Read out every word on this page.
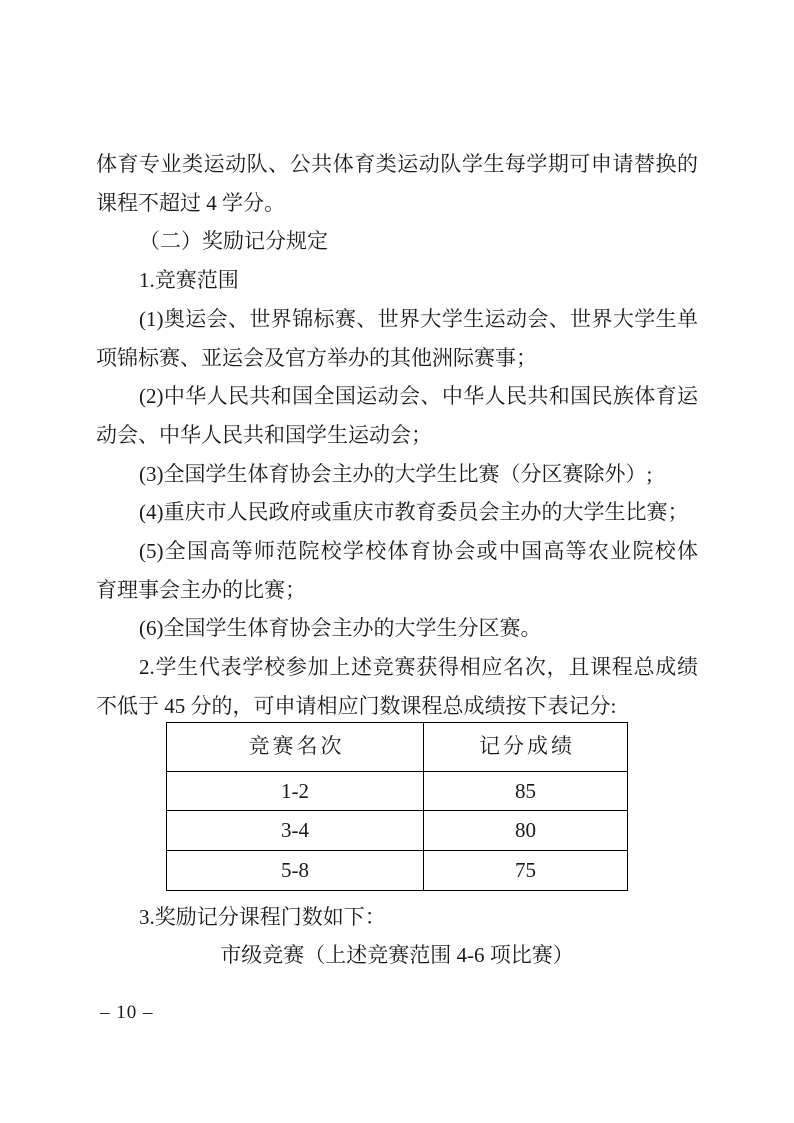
体育专业类运动队、公共体育类运动队学生每学期可申请替换的
课程不超过 4 学分。
（二）奖励记分规定
1.竞赛范围
(1)奥运会、世界锦标赛、世界大学生运动会、世界大学生单
项锦标赛、亚运会及官方举办的其他洲际赛事；
(2)中华人民共和国全国运动会、中华人民共和国民族体育运
动会、中华人民共和国学生运动会；
(3)全国学生体育协会主办的大学生比赛（分区赛除外）;
(4)重庆市人民政府或重庆市教育委员会主办的大学生比赛；
(5)全国高等师范院校学校体育协会或中国高等农业院校体
育理事会主办的比赛；
(6)全国学生体育协会主办的大学生分区赛。
2.学生代表学校参加上述竞赛获得相应名次，且课程总成绩
不低于 45 分的，可申请相应门数课程总成绩按下表记分:
竞赛名次	记分成绩
1-2	85
3-4	80
5-8	75
3.奖励记分课程门数如下：
市级竞赛（上述竞赛范围 4-6 项比赛）
– 10 –
